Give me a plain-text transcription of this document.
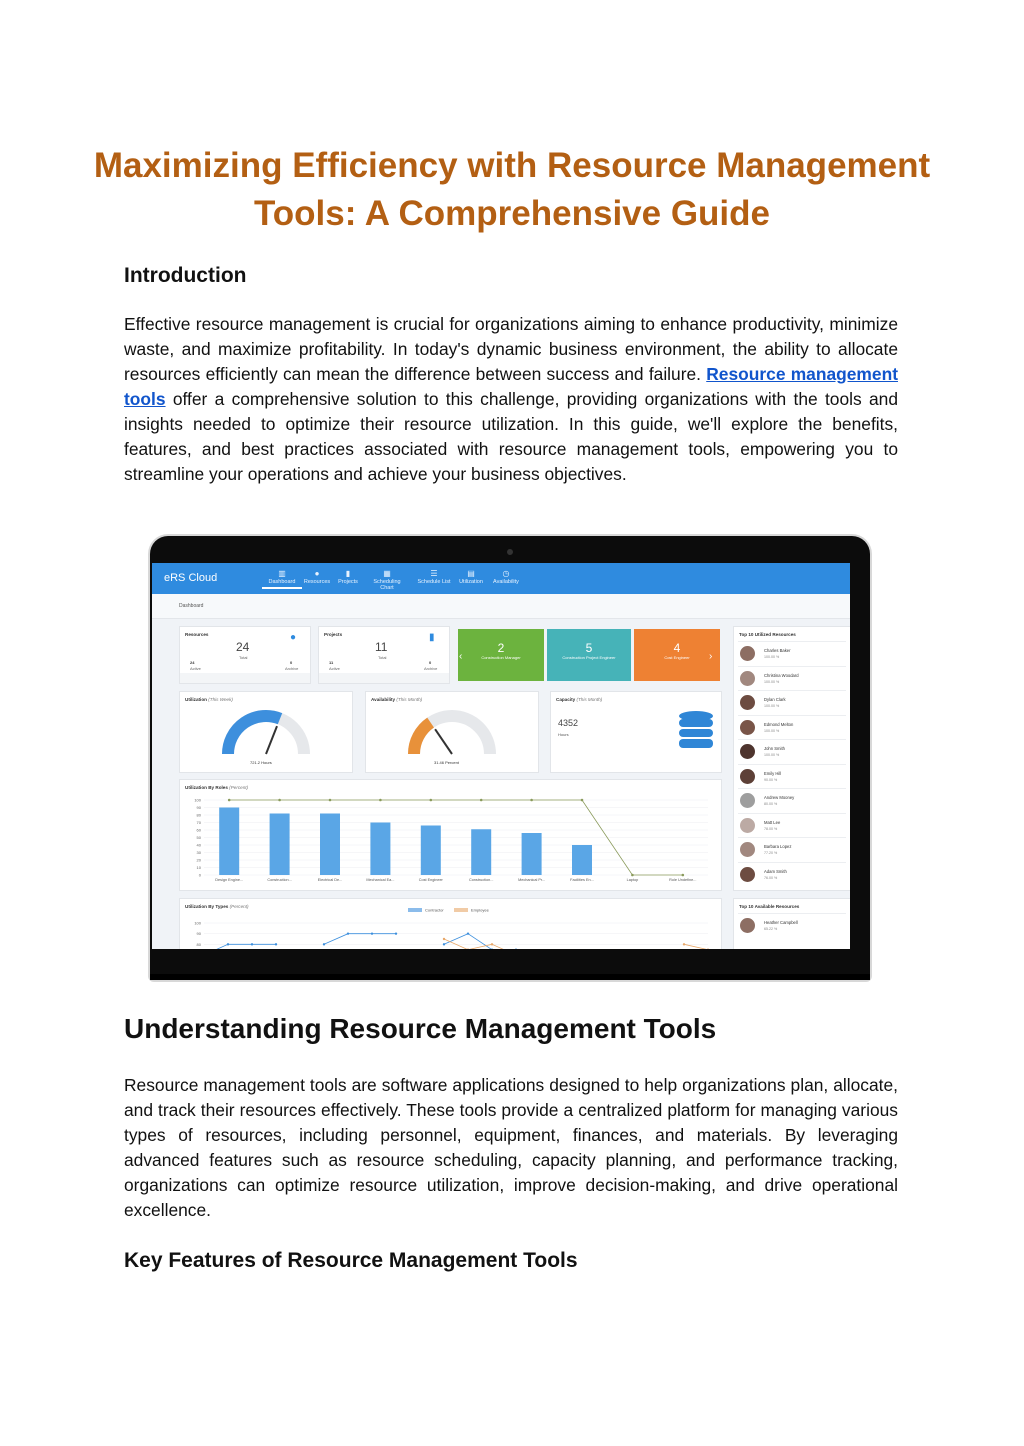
Maximizing Efficiency with Resource Management Tools: A Comprehensive Guide
Introduction

Effective resource management is crucial for organizations aiming to enhance productivity, minimize waste, and maximize profitability. In today's dynamic business environment, the ability to allocate resources efficiently can mean the difference between success and failure. Resource management tools offer a comprehensive solution to this challenge, providing organizations with the tools and insights needed to optimize their resource utilization. In this guide, we'll explore the benefits, features, and best practices associated with resource management tools, empowering you to streamline your operations and achieve your business objectives.

eRS Cloud	▥
Dashboard
●
Resources
▮
Projects
▦
Scheduling Chart
☰
Schedule List
▤
Utilization
◷
Availability
Dashboard
Resources
24
Total
24
Active
0
Archive
●	Projects
11
Total
11
Active
0
Archive
▮
2
Construction Manager
5
Construction Project Engineer
4
Cost Engineer
‹	›
Utilization (This Week)
721.2 Hours
Availability (This Month)
31.46 Percent
Capacity (This Month)
4352
Hours
Utilization By Roles (Percent)
0
10
20
30
40
50
60
70
80
90
100
Design Engine...	Construction...	Electrical De...	Mechanical Ea...	Cost Engineer	Construction...	Mechanical Pr...	Facilities En...	Laptop	Role Undefine...
Utilization By Types (Percent)
70
80
90
100
Contractor	Employee
Top 10 Utilized Resources
Charles Baker
100.00 %
Christina Woodard
100.00 %
Dylan Clark
100.00 %
Edmond Melton
100.00 %
John Smith
100.00 %
Emily Hill
90.00 %
Andrew Mooney
80.00 %
Matt Lee
78.00 %
Barbara Lopez
77.20 %
Adam Smith
76.00 %
Top 10 Available Resources
Heather Campbell
65.22 %
Understanding Resource Management Tools

Resource management tools are software applications designed to help organizations plan, allocate, and track their resources effectively. These tools provide a centralized platform for managing various types of resources, including personnel, equipment, finances, and materials. By leveraging advanced features such as resource scheduling, capacity planning, and performance tracking, organizations can optimize resource utilization, improve decision-making, and drive operational excellence.

Key Features of Resource Management Tools
